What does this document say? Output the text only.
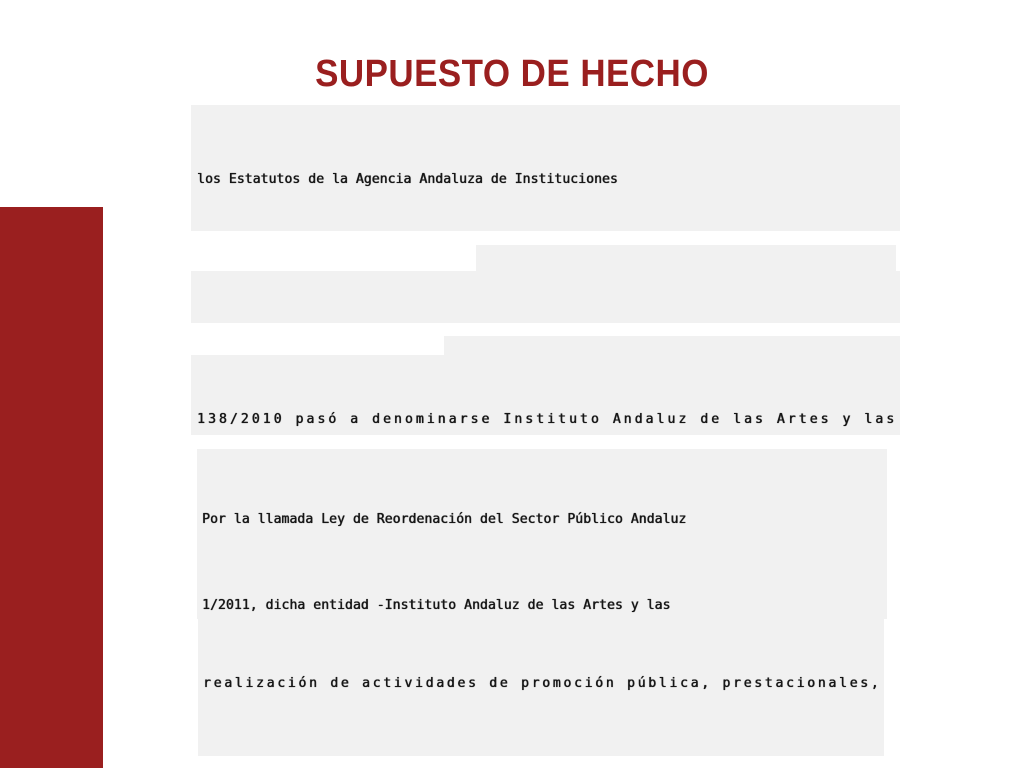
SUPUESTO DE HECHO

los Estatutos de la Agencia Andaluza de Instituciones

138/2010 pasó a denominarse Instituto Andaluz de las Artes y las

Por la llamada Ley de Reordenación del Sector Público Andaluz

1/2011, dicha entidad -Instituto Andaluz de las Artes y las

realización de actividades de promoción pública, prestacionales,
